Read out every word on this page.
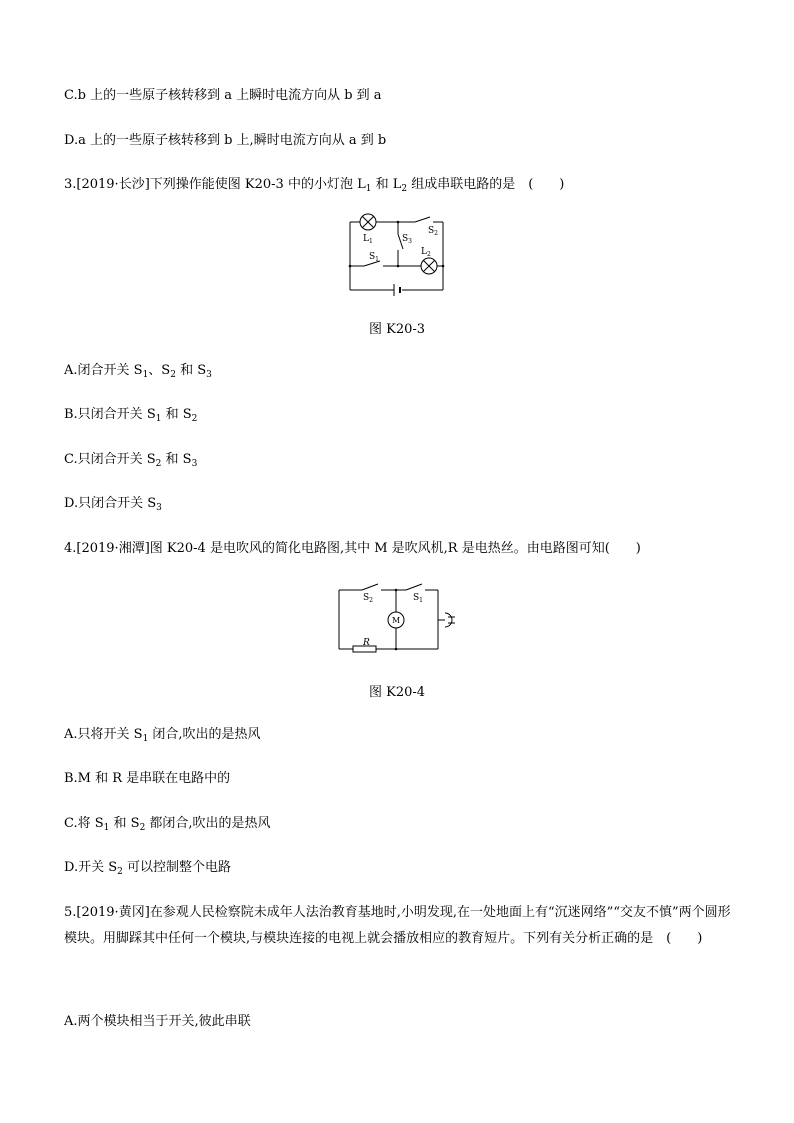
C.b 上的一些原子核转移到 a 上瞬时电流方向从 b 到 a
D.a 上的一些原子核转移到 b 上,瞬时电流方向从 a 到 b
3.[2019·长沙]下列操作能使图 K20-3 中的小灯泡 $L_1$ 和 $L_2$ 组成串联电路的是　(　　)
$L_1$
$L_2$
$S_3$
$S_2$
$S_1$
图 K20-3
A.闭合开关 $S_1$、$S_2$ 和 $S_3$
B.只闭合开关 $S_1$ 和 $S_2$
C.只闭合开关 $S_2$ 和 $S_3$
D.只闭合开关 $S_3$
4.[2019·湘潭]图 K20-4 是电吹风的简化电路图,其中 M 是吹风机,R 是电热丝。由电路图可知(　　)
M
R
$S_2$	$S_1$
图 K20-4
A.只将开关 $S_1$ 闭合,吹出的是热风
B.M 和 R 是串联在电路中的
C.将 $S_1$ 和 $S_2$ 都闭合,吹出的是热风
D.开关 $S_2$ 可以控制整个电路
5.[2019·黄冈]在参观人民检察院未成年人法治教育基地时,小明发现,在一处地面上有“沉迷网络”“交友不慎”两个圆形模块。用脚踩其中任何一个模块,与模块连接的电视上就会播放相应的教育短片。下列有关分析正确的是　(　　)
A.两个模块相当于开关,彼此串联
